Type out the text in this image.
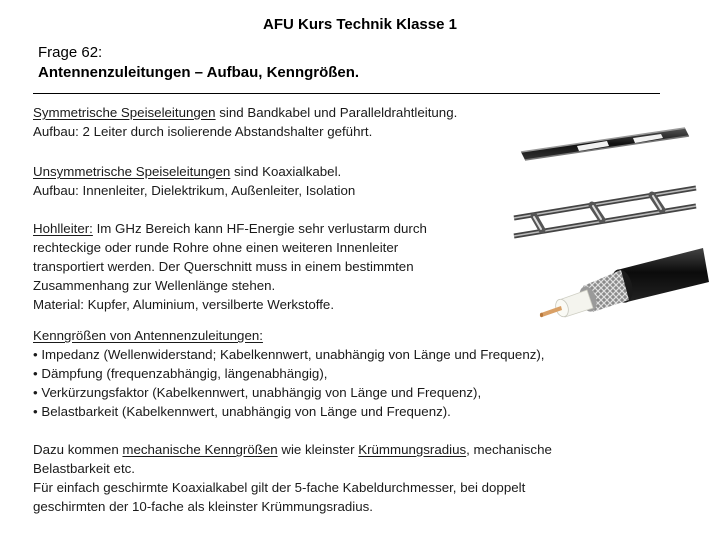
AFU Kurs Technik Klasse 1
Frage 62:
Antennenzuleitungen – Aufbau, Kenngrößen.
Symmetrische Speiseleitungen sind Bandkabel und Paralleldrahtleitung.
Aufbau: 2 Leiter durch isolierende Abstandshalter geführt.
Unsymmetrische Speiseleitungen sind Koaxialkabel.
Aufbau: Innenleiter, Dielektrikum, Außenleiter, Isolation
Hohlleiter: Im GHz Bereich kann HF-Energie sehr verlustarm durch
rechteckige oder runde Rohre ohne einen weiteren Innenleiter
transportiert werden. Der Querschnitt muss in einem bestimmten
Zusammenhang zur Wellenlänge stehen.
Material: Kupfer, Aluminium, versilberte Werkstoffe.
Kenngrößen von Antennenzuleitungen:
• Impedanz (Wellenwiderstand; Kabelkennwert, unabhängig von Länge und Frequenz),
• Dämpfung (frequenzabhängig, längenabhängig),
• Verkürzungsfaktor (Kabelkennwert, unabhängig von Länge und Frequenz),
• Belastbarkeit (Kabelkennwert, unabhängig von Länge und Frequenz).
Dazu kommen mechanische Kenngrößen wie kleinster Krümmungsradius, mechanische
Belastbarkeit etc.
Für einfach geschirmte Koaxialkabel gilt der 5-fache Kabeldurchmesser, bei doppelt
geschirmten der 10-fache als kleinster Krümmungsradius.
